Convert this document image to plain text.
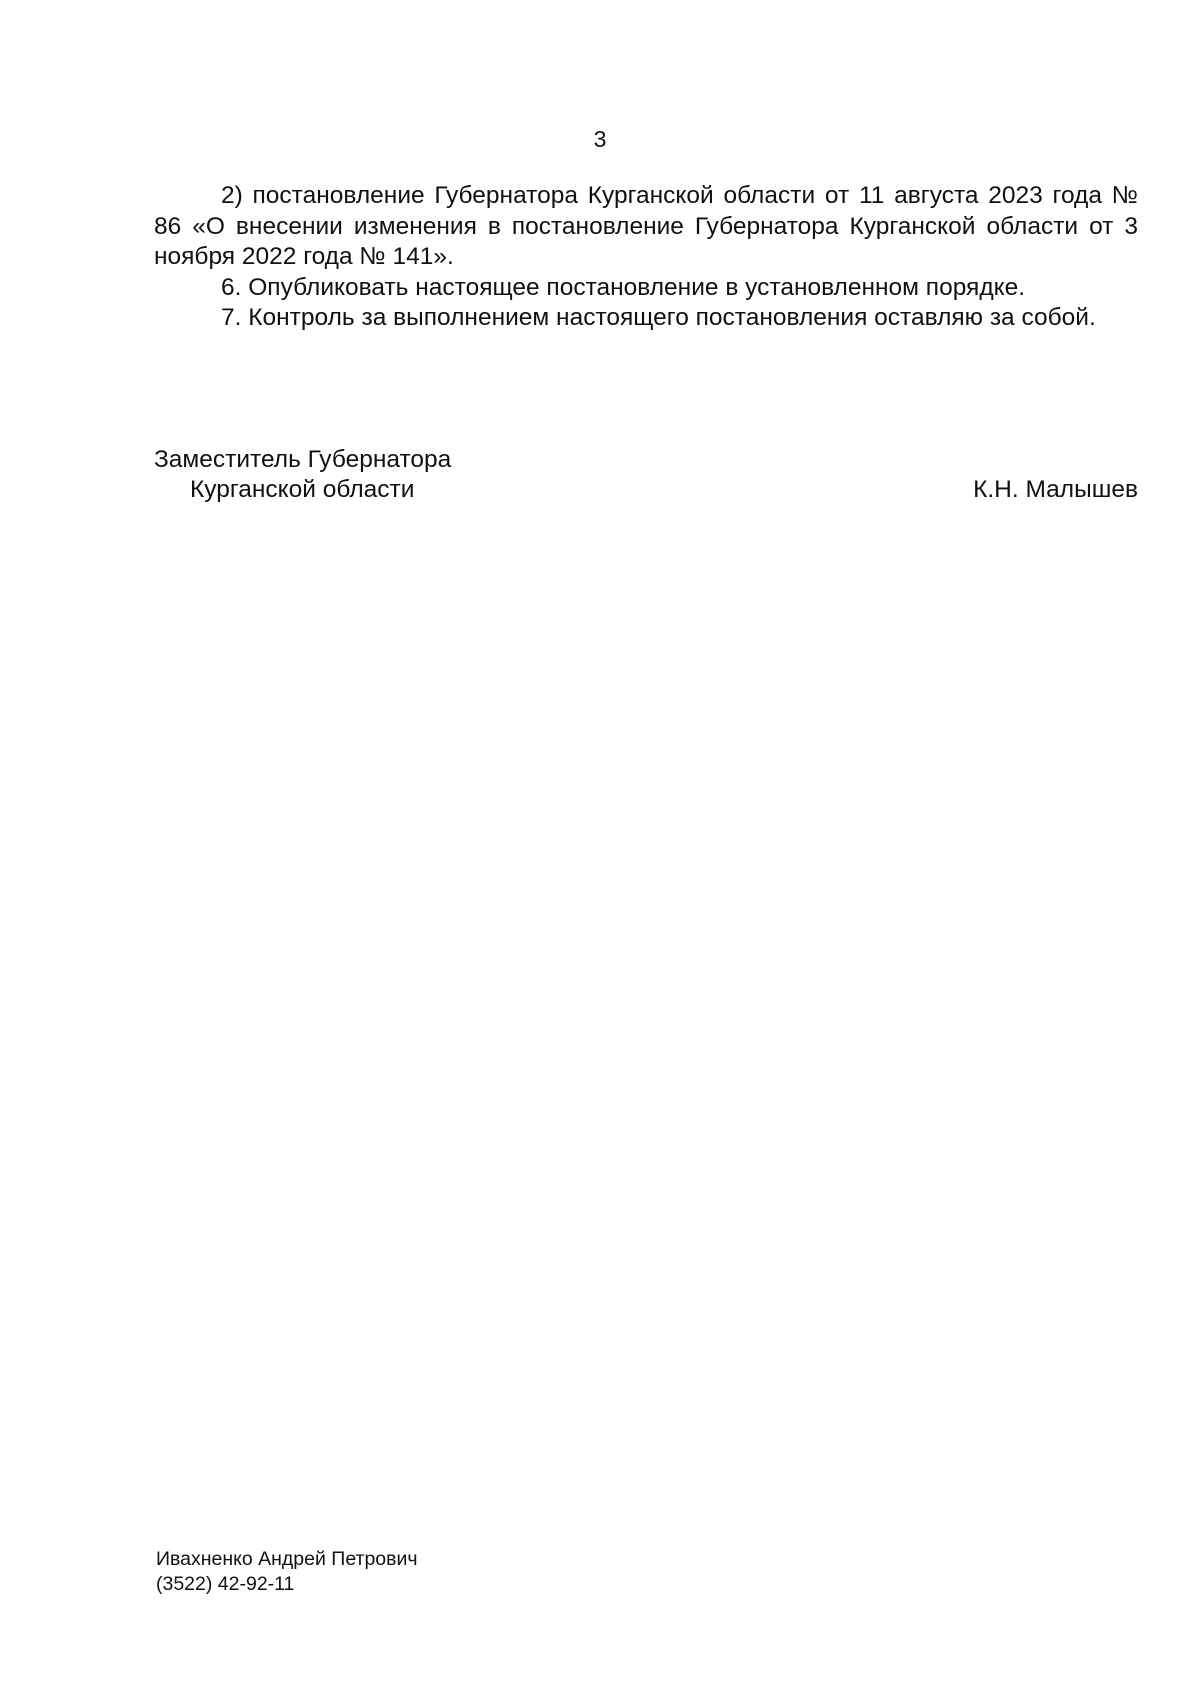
3

2) постановление Губернатора Курганской области от 11 августа 2023 года № 86 «О внесении изменения в постановление Губернатора Курганской области от 3 ноября 2022 года № 141».

6. Опубликовать настоящее постановление в установленном порядке.

7. Контроль за выполнением настоящего постановления оставляю за собой.

Заместитель Губернатора
Курганской области	К.Н. Малышев
Ивахненко Андрей Петрович
(3522) 42-92-11
